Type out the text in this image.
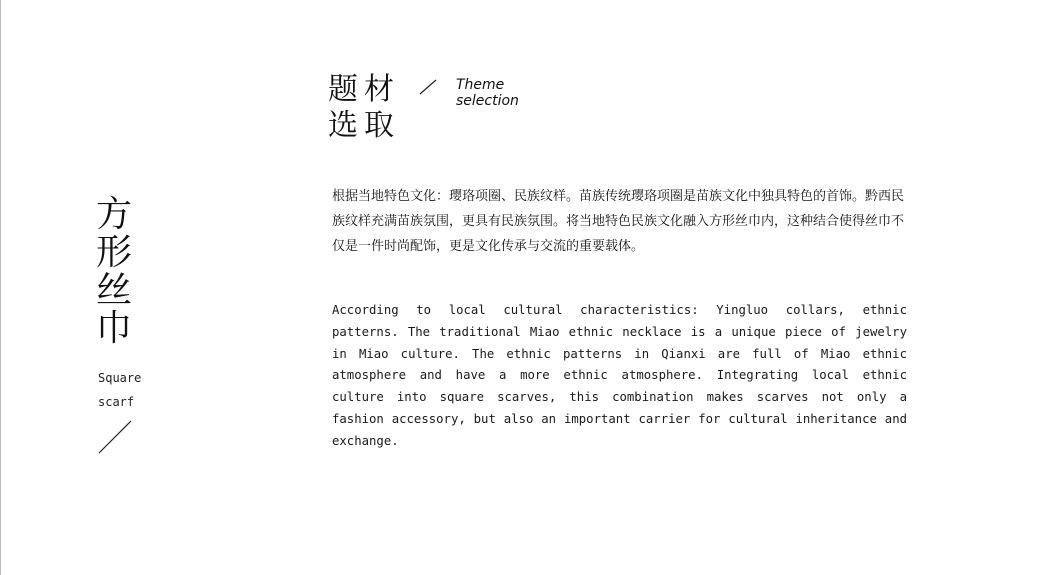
方
形
丝
巾
Square
scarf
题材
选取
Theme
selection

根据当地特色文化：璎珞项圈、民族纹样。苗族传统璎珞项圈是苗族文化中独具特色的首饰。黔西民族纹样充满苗族氛围，更具有民族氛围。将当地特色民族文化融入方形丝巾内，这种结合使得丝巾不仅是一件时尚配饰，更是文化传承与交流的重要载体。

According to local cultural characteristics: Yingluo collars, ethnic patterns. The traditional Miao ethnic necklace is a unique piece of jewelry in Miao culture. The ethnic patterns in Qianxi are full of Miao ethnic atmosphere and have a more ethnic atmosphere. Integrating local ethnic culture into square scarves, this combination makes scarves not only a fashion accessory, but also an important carrier for cultural inheritance and exchange.
